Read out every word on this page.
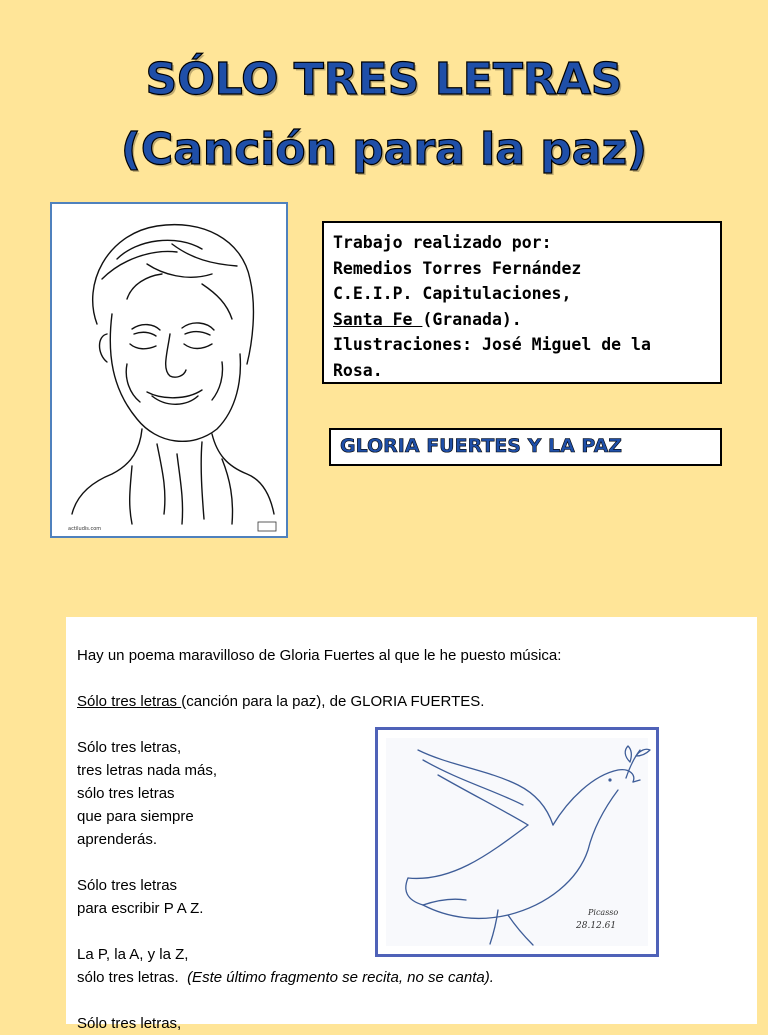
SÓLO TRES LETRAS
(Canción para la paz)
actiludis.com
Trabajo realizado por:
Remedios Torres Fernández
C.E.I.P. Capitulaciones,
Santa Fe (Granada).
Ilustraciones: José Miguel de la
Rosa.
GLORIA FUERTES Y LA PAZ

Hay un poema maravilloso de Gloria Fuertes al que le he puesto música:

Sólo tres letras (canción para la paz), de GLORIA FUERTES.

Sólo tres letras,

tres letras nada más,

sólo tres letras

que para siempre

aprenderás.

Sólo tres letras

para escribir P A Z.

La P, la A, y la Z,

sólo tres letras. (Este último fragmento se recita, no se canta).

Sólo tres letras,

Picasso
28.12.61
